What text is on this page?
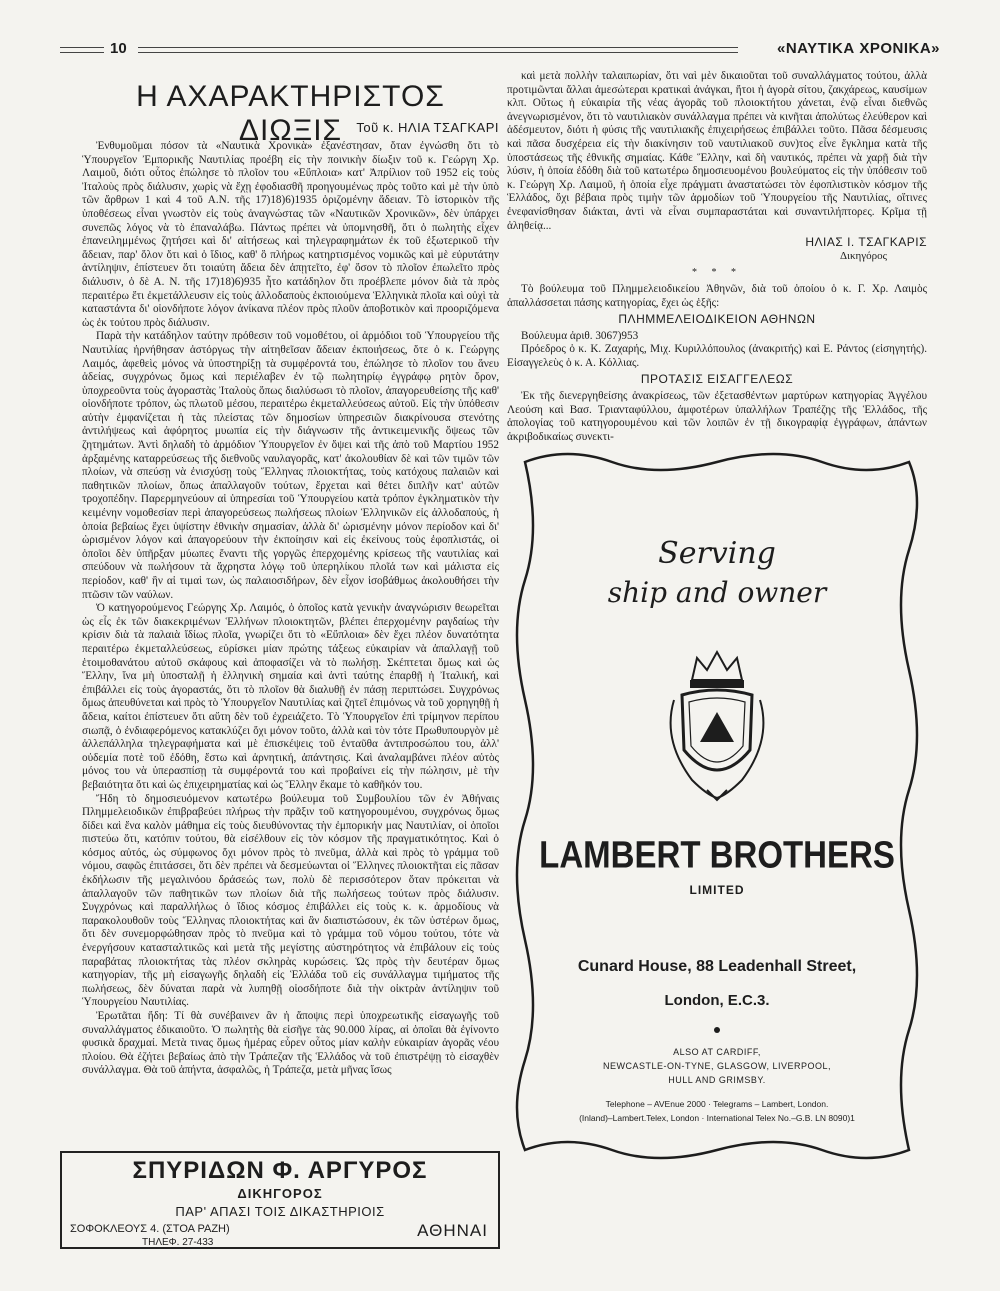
10	«ΝΑΥΤΙΚΑ ΧΡΟΝΙΚΑ»
Η ΑΧΑΡΑΚΤΗΡΙΣΤΟΣ ΔΙΩΞΙΣ	Τοῦ κ. ΗΛΙΑ ΤΣΑΓΚΑΡΙ

Ἐνθυμοῦμαι πόσον τὰ «Ναυτικὰ Χρονικὰ» ἐξανέστησαν, ὅταν ἐγνώσθη ὅτι τὸ Ὑπουργεῖον Ἐμπορικῆς Ναυτιλίας προέβη εἰς τὴν ποινικὴν δίωξιν τοῦ κ. Γεώργη Χρ. Λαιμοῦ, διότι οὗτος ἐπώλησε τὸ πλοῖον του «Εὔπλοια» κατ' Ἀπρίλιον τοῦ 1952 εἰς τοὺς Ἰταλοὺς πρὸς διάλυσιν, χωρὶς νὰ ἔχῃ ἐφοδιασθῆ προηγουμένως πρὸς τοῦτο καὶ μὲ τὴν ὑπὸ τῶν ἄρθρων 1 καὶ 4 τοῦ Α.Ν. τῆς 17)18)6)1935 ὁριζομένην ἄδειαν. Τὸ ἱστορικὸν τῆς ὑποθέσεως εἶναι γνωστὸν εἰς τοὺς ἀναγνώστας τῶν «Ναυτικῶν Χρονικῶν», δὲν ὑπάρχει συνεπῶς λόγος νὰ τὸ ἐπαναλάβω. Πάντως πρέπει νὰ ὑπομνησθῆ, ὅτι ὁ πωλητὴς εἶχεν ἐπανειλημμένως ζητήσει καὶ δι' αἰτήσεως καὶ τηλεγραφημάτων ἐκ τοῦ ἐξωτερικοῦ τὴν ἄδειαν, παρ' ὅλον ὅτι καὶ ὁ ἴδιος, καθ' ὃ πλήρως κατηρτισμένος νομικῶς καὶ μὲ εὐρυτάτην ἀντίληψιν, ἐπίστευεν ὅτι τοιαύτη ἄδεια δὲν ἀπῃτεῖτο, ἐφ' ὅσον τὸ πλοῖον ἐπωλεῖτο πρὸς διάλυσιν, ὁ δὲ Α. Ν. τῆς 17)18)6)935 ἦτο κατάδηλον ὅτι προέβλεπε μόνον διὰ τὰ πρὸς περαιτέρω ἔτι ἐκμετάλλευσιν εἰς τοὺς ἀλλοδαποὺς ἐκποιούμενα Ἑλληνικὰ πλοῖα καὶ οὐχὶ τὰ καταστάντα δι' οἱονδήποτε λόγον ἀνίκανα πλέον πρὸς πλοῦν ἀποβοτικὸν καὶ προοριζόμενα ὡς ἐκ τούτου πρὸς διάλυσιν.

Παρὰ τὴν κατάδηλον ταύτην πρόθεσιν τοῦ νομοθέτου, οἱ ἁρμόδιοι τοῦ Ὑπουργείου τῆς Ναυτιλίας ἠρνήθησαν ἀστόργως τὴν αἰτηθεῖσαν ἄδειαν ἐκποιήσεως, ὅτε ὁ κ. Γεώργης Λαιμός, ἀφεθεὶς μόνος νὰ ὑποστηρίξῃ τὰ συμφέροντά του, ἐπώλησε τὸ πλοῖον του ἄνευ ἀδείας, συγχρόνως ὅμως καὶ περιέλαβεν ἐν τῷ πωλητηρίῳ ἐγγράφῳ ρητὸν ὅρον, ὑποχρεοῦντα τοὺς ἀγοραστὰς Ἰταλοὺς ὅπως διαλύσωσι τὸ πλοῖον, ἀπαγορευθείσης τῆς καθ' οἱονδήποτε τρόπον, ὡς πλωτοῦ μέσου, περαιτέρω ἐκμεταλλεύσεως αὐτοῦ. Εἰς τὴν ὑπόθεσιν αὐτὴν ἐμφανίζεται ἡ τὰς πλείστας τῶν δημοσίων ὑπηρεσιῶν διακρίνουσα στενότης ἀντιλήψεως καὶ ἀφόρητος μυωπία εἰς τὴν διάγνωσιν τῆς ἀντικειμενικῆς ὄψεως τῶν ζητημάτων. Ἀντὶ δηλαδὴ τὸ ἁρμόδιον Ὑπουργεῖον ἐν ὄψει καὶ τῆς ἀπὸ τοῦ Μαρτίου 1952 ἀρξαμένης καταρρεύσεως τῆς διεθνοῦς ναυλαγορᾶς, κατ' ἀκολουθίαν δὲ καὶ τῶν τιμῶν τῶν πλοίων, νὰ σπεύσῃ νὰ ἐνισχύσῃ τοὺς Ἕλληνας πλοιοκτήτας, τοὺς κατόχους παλαιῶν καὶ παθητικῶν πλοίων, ὅπως ἀπαλλαγοῦν τούτων, ἔρχεται καὶ θέτει διπλῆν κατ' αὐτῶν τροχοπέδην. Παρερμηνεύουν αἱ ὑπηρεσίαι τοῦ Ὑπουργείου κατὰ τρόπον ἐγκληματικὸν τὴν κειμένην νομοθεσίαν περὶ ἀπαγορεύσεως πωλήσεως πλοίων Ἑλληνικῶν εἰς ἀλλοδαπούς, ἡ ὁποία βεβαίως ἔχει ὑψίστην ἐθνικὴν σημασίαν, ἀλλὰ δι' ὡρισμένην μόνον περίοδον καὶ δι' ὡρισμένον λόγον καὶ ἀπαγορεύουν τὴν ἐκποίησιν καὶ εἰς ἐκείνους τοὺς ἐφοπλιστάς, οἱ ὁποῖοι δὲν ὑπῆρξαν μύωπες ἔναντι τῆς γοργῶς ἐπερχομένης κρίσεως τῆς ναυτιλίας καὶ σπεύδουν νὰ πωλήσουν τὰ ἄχρηστα λόγῳ τοῦ ὑπερηλίκου πλοῖά των καὶ μάλιστα εἰς περίοδον, καθ' ἣν αἱ τιμαὶ των, ὡς παλαιοσιδήρων, δὲν εἶχον ἰσοβάθμως ἀκολουθήσει τὴν πτῶσιν τῶν ναύλων.

Ὁ κατηγορούμενος Γεώργης Χρ. Λαιμός, ὁ ὁποῖος κατὰ γενικὴν ἀναγνώρισιν θεωρεῖται ὡς εἷς ἐκ τῶν διακεκριμένων Ἑλλήνων πλοιοκτητῶν, βλέπει ἐπερχομένην ραγδαίως τὴν κρίσιν διὰ τὰ παλαιὰ ἴδίως πλοῖα, γνωρίζει ὅτι τὸ «Εὔπλοια» δὲν ἔχει πλέον δυνατότητα περαιτέρω ἐκμεταλλεύσεως, εὑρίσκει μίαν πρώτης τάξεως εὐκαιρίαν νὰ ἀπαλλαγῇ τοῦ ἑτοιμοθανάτου αὐτοῦ σκάφους καὶ ἀποφασίζει νὰ τὸ πωλήσῃ. Σκέπτεται ὅμως καὶ ὡς Ἕλλην, ἵνα μὴ ὑποσταλῇ ἡ ἑλληνικὴ σημαία καὶ ἀντὶ ταύτης ἐπαρθῇ ἡ Ἰταλική, καὶ ἐπιβάλλει εἰς τοὺς ἀγοραστάς, ὅτι τὸ πλοῖον θὰ διαλυθῇ ἐν πάσῃ περιπτώσει. Συγχρόνως ὅμως ἀπευθύνεται καὶ πρὸς τὸ Ὑπουργεῖον Ναυτιλίας καὶ ζητεῖ ἐπιμόνως νὰ τοῦ χορηγηθῇ ἡ ἄδεια, καίτοι ἐπίστευεν ὅτι αὕτη δὲν τοῦ ἐχρειάζετο. Τὸ Ὑπουργεῖον ἐπὶ τρίμηνον περίπου σιωπᾷ, ὁ ἐνδιαφερόμενος κατακλύζει ὄχι μόνον τοῦτο, ἀλλὰ καὶ τὸν τότε Πρωθυπουργὸν μὲ ἀλλεπάλληλα τηλεγραφήματα καὶ μὲ ἐπισκέψεις τοῦ ἐνταῦθα ἀντιπροσώπου του, ἀλλ' οὐδεμία ποτὲ τοῦ ἐδόθη, ἔστω καὶ ἀρνητική, ἀπάντησις. Καὶ ἀναλαμβάνει πλέον αὐτὸς μόνος του νὰ ὑπερασπίσῃ τὰ συμφέροντά του καὶ προβαίνει εἰς τὴν πώλησιν, μὲ τὴν βεβαιότητα ὅτι καὶ ὡς ἐπιχειρηματίας καὶ ὡς Ἕλλην ἔκαμε τὸ καθῆκόν του.

Ἤδη τὸ δημοσιευόμενον κατωτέρω βούλευμα τοῦ Συμβουλίου τῶν ἐν Ἀθήναις Πλημμελειοδικῶν ἐπιβραβεύει πλήρως τὴν πρᾶξιν τοῦ κατηγορουμένου, συγχρόνως ὅμως δίδει καὶ ἕνα καλὸν μάθημα εἰς τοὺς διευθύνοντας τὴν ἐμπορικήν μας Ναυτιλίαν, οἱ ὁποῖοι πιστεύω ὅτι, κατόπιν τούτου, θὰ εἰσέλθουν εἰς τὸν κόσμον τῆς πραγματικότητος. Καὶ ὁ κόσμος αὐτός, ὡς σύμφωνος ὄχι μόνον πρὸς τὸ πνεῦμα, ἀλλὰ καὶ πρὸς τὸ γράμμα τοῦ νόμου, σαφῶς ἐπιτάσσει, ὅτι δὲν πρέπει νὰ δεσμεύωνται οἱ Ἕλληνες πλοιοκτῆται εἰς πᾶσαν ἐκδήλωσιν τῆς μεγαλινόου δράσεώς των, πολὺ δὲ περισσότερον ὅταν πρόκειται νὰ ἀπαλλαγοῦν τῶν παθητικῶν των πλοίων διὰ τῆς πωλήσεως τούτων πρὸς διάλυσιν. Συγχρόνως καὶ παραλλήλως ὁ ἴδιος κόσμος ἐπιβάλλει εἰς τοὺς κ. κ. ἁρμοδίους νὰ παρακολουθοῦν τοὺς Ἕλληνας πλοιοκτήτας καὶ ἂν διαπιστώσουν, ἐκ τῶν ὑστέρων ὅμως, ὅτι δὲν συνεμορφώθησαν πρὸς τὸ πνεῦμα καὶ τὸ γράμμα τοῦ νόμου τούτου, τότε νὰ ἐνεργήσουν κατασταλτικῶς καὶ μετὰ τῆς μεγίστης αὐστηρότητος νὰ ἐπιβάλουν εἰς τοὺς παραβάτας πλοιοκτήτας τὰς πλέον σκληρὰς κυρώσεις. Ὡς πρὸς τὴν δευτέραν ὅμως κατηγορίαν, τῆς μὴ εἰσαγωγῆς δηλαδὴ εἰς Ἑλλάδα τοῦ εἰς συνάλλαγμα τιμήματος τῆς πωλήσεως, δὲν δύναται παρὰ νὰ λυπηθῇ οἱοσδήποτε διὰ τὴν οἰκτρὰν ἀντίληψιν τοῦ Ὑπουργείου Ναυτιλίας.

Ἐρωτᾶται ἤδη: Τί θὰ συνέβαινεν ἂν ἡ ἄποψις περὶ ὑποχρεωτικῆς εἰσαγωγῆς τοῦ συναλλάγματος ἐδικαιοῦτο. Ὁ πωλητὴς θὰ εἰσῆγε τὰς 90.000 λίρας, αἱ ὁποῖαι θὰ ἐγίνοντο φυσικὰ δραχμαί. Μετὰ τινας ὅμως ἡμέρας εὗρεν οὗτος μίαν καλὴν εὐκαιρίαν ἀγορᾶς νέου πλοίου. Θὰ ἐζήτει βεβαίως ἀπὸ τὴν Τράπεζαν τῆς Ἑλλάδος νὰ τοῦ ἐπιστρέψῃ τὸ εἰσαχθὲν συνάλλαγμα. Θὰ τοῦ ἀπήντα, ἀσφαλῶς, ἡ Τράπεζα, μετὰ μῆνας ἴσως

καὶ μετὰ πολλὴν ταλαιπωρίαν, ὅτι ναὶ μὲν δικαιοῦται τοῦ συναλλάγματος τούτου, ἀλλὰ προτιμῶνται ἄλλαι ἀμεσώτεραι κρατικαὶ ἀνάγκαι, ἤτοι ἡ ἀγορὰ σίτου, ζακχάρεως, καυσίμων κλπ. Οὕτως ἡ εὐκαιρία τῆς νέας ἀγορᾶς τοῦ πλοιοκτήτου χάνεται, ἐνῷ εἶναι διεθνῶς ἀνεγνωρισμένον, ὅτι τὸ ναυτιλιακὸν συνάλλαγμα πρέπει νὰ κινῆται ἀπολύτως ἐλεύθερον καὶ ἀδέσμευτον, διότι ἡ φύσις τῆς ναυτιλιακῆς ἐπιχειρήσεως ἐπιβάλλει τοῦτο. Πᾶσα δέσμευσις καὶ πᾶσα δυσχέρεια εἰς τὴν διακίνησιν τοῦ ναυτιλιακοῦ συν)τος εἶνε ἔγκλημα κατὰ τῆς ὑποστάσεως τῆς ἐθνικῆς σημαίας. Κάθε Ἕλλην, καὶ δὴ ναυτικός, πρέπει νὰ χαρῇ διὰ τὴν λύσιν, ἡ ὁποία ἐδόθη διὰ τοῦ κατωτέρω δημοσιευομένου βουλεύματος εἰς τὴν ὑπόθεσιν τοῦ κ. Γεώργη Χρ. Λαιμοῦ, ἡ ὁποία εἶχε πράγματι ἀναστατώσει τὸν ἐφοπλιστικὸν κόσμον τῆς Ἑλλάδος, ὄχι βέβαια πρὸς τιμὴν τῶν ἁρμοδίων τοῦ Ὑπουργείου τῆς Ναυτιλίας, οἵτινες ἐνεφανίσθησαν διάκται, ἀντὶ νὰ εἶναι συμπαραστάται καὶ συναντιλήπτορες. Κρῖμα τῇ ἀληθείᾳ...

ΗΛΙΑΣ Ι. ΤΣΑΓΚΑΡΙΣ
Δικηγόρος
* * *

Τὸ βούλευμα τοῦ Πλημμελειοδικείου Ἀθηνῶν, διὰ τοῦ ὁποίου ὁ κ. Γ. Χρ. Λαιμὸς ἀπαλλάσσεται πάσης κατηγορίας, ἔχει ὡς ἑξῆς:

ΠΛΗΜΜΕΛΕΙΟΔΙΚΕΙΟΝ ΑΘΗΝΩΝ

Βούλευμα ἀριθ. 3067)953

Πρόεδρος ὁ κ. Κ. Ζαχαρής, Μιχ. Κυριλλόπουλος (ἀνακριτής) καὶ Ε. Ράντος (εἰσηγητής). Εἰσαγγελεὺς ὁ κ. Α. Κόλλιας.

ΠΡΟΤΑΣΙΣ ΕΙΣΑΓΓΕΛΕΩΣ

Ἐκ τῆς διενεργηθείσης ἀνακρίσεως, τῶν ἐξετασθέντων μαρτύρων κατηγορίας Ἀγγέλου Λεούση καὶ Βασ. Τριανταφύλλου, ἀμφοτέρων ὑπαλλήλων Τραπέζης τῆς Ἑλλάδος, τῆς ἀπολογίας τοῦ κατηγορουμένου καὶ τῶν λοιπῶν ἐν τῇ δικογραφίᾳ ἐγγράφων, ἁπάντων ἀκριβοδικαίως συνεκτι-

ΣΠΥΡΙΔΩΝ Φ. ΑΡΓΥΡΟΣ
ΔΙΚΗΓΟΡΟΣ
ΠΑΡ' ΑΠΑΣΙ ΤΟΙΣ ΔΙΚΑΣΤΗΡΙΟΙΣ
ΣΟΦΟΚΛΕΟΥΣ 4. (ΣΤΟΑ ΡΑΖΗ)
ΤΗΛΕΦ. 27-433
ΑΘΗΝΑΙ
Serving
ship and owner
LAMBERT BROTHERS
LIMITED
Cunard House, 88 Leadenhall Street,
London, E.C.3.
ALSO AT CARDIFF,
NEWCASTLE-ON-TYNE, GLASGOW, LIVERPOOL,
HULL AND GRIMSBY.
Telephone – AVEnue 2000 · Telegrams – Lambert, London.
(Inland)–Lambert.Telex, London · International Telex No.–G.B. LN 8090)1
